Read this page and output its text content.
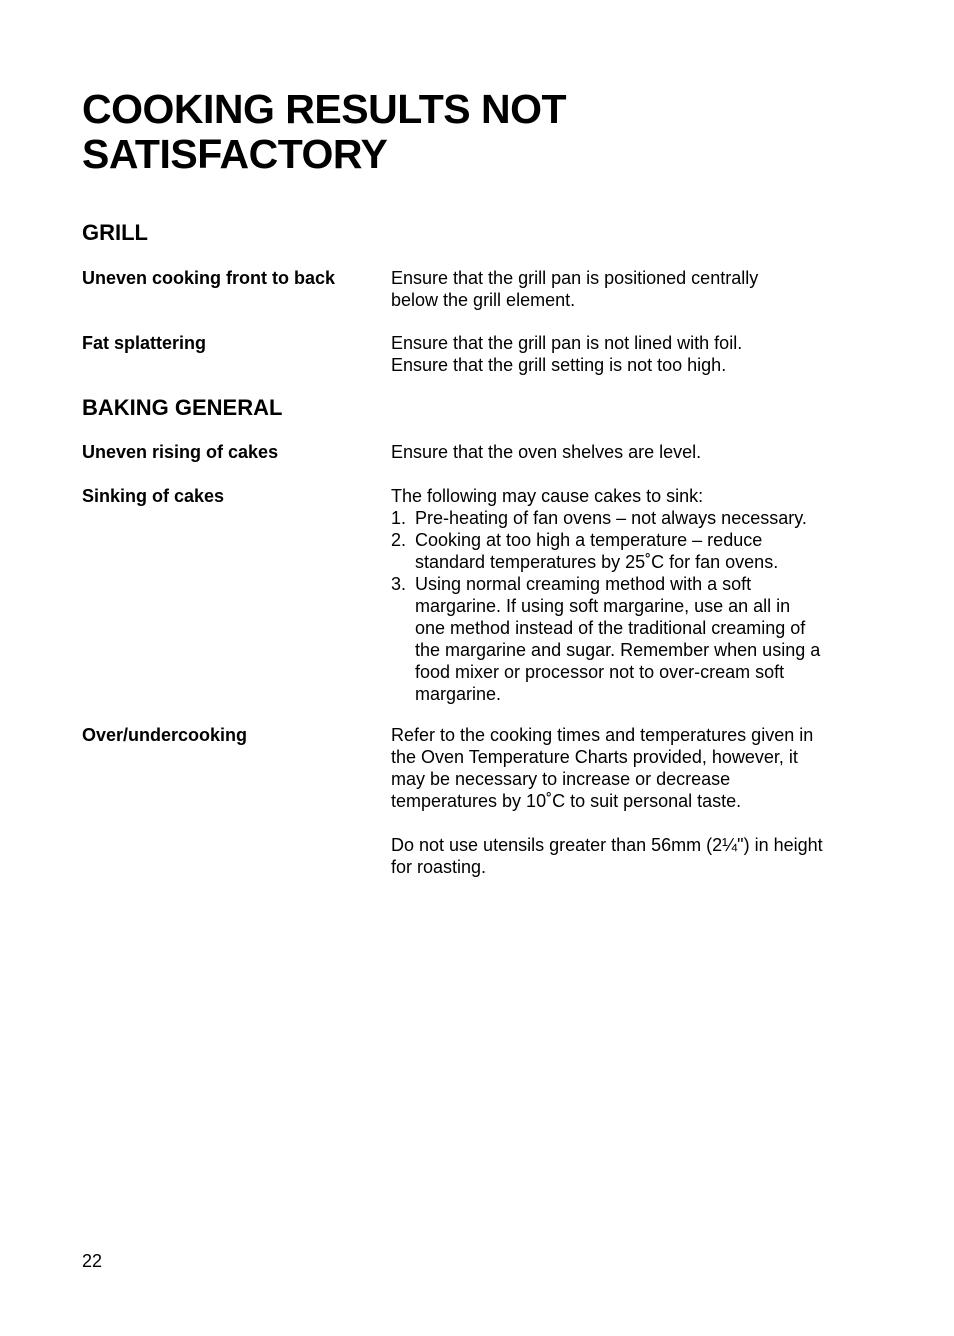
COOKING RESULTS NOT
SATISFACTORY
GRILL
Uneven cooking front to back	Ensure that the grill pan is positioned centrally

below the grill element.

Fat splattering	Ensure that the grill pan is not lined with foil.

Ensure that the grill setting is not too high.

BAKING GENERAL
Uneven rising of cakes	Ensure that the oven shelves are level.

Sinking of cakes	The following may cause cakes to sink:

1. Pre-heating of fan ovens – not always necessary.
2. Cooking at too high a temperature – reduce
standard temperatures by 25˚C for fan ovens.
3. Using normal creaming method with a soft
margarine. If using soft margarine, use an all in
one method instead of the traditional creaming of
the margarine and sugar. Remember when using a
food mixer or processor not to over-cream soft
margarine.
Over/undercooking	Refer to the cooking times and temperatures given in

the Oven Temperature Charts provided, however, it

may be necessary to increase or decrease

temperatures by 10˚C to suit personal taste.

Do not use utensils greater than 56mm (2¼") in height

for roasting.

22
